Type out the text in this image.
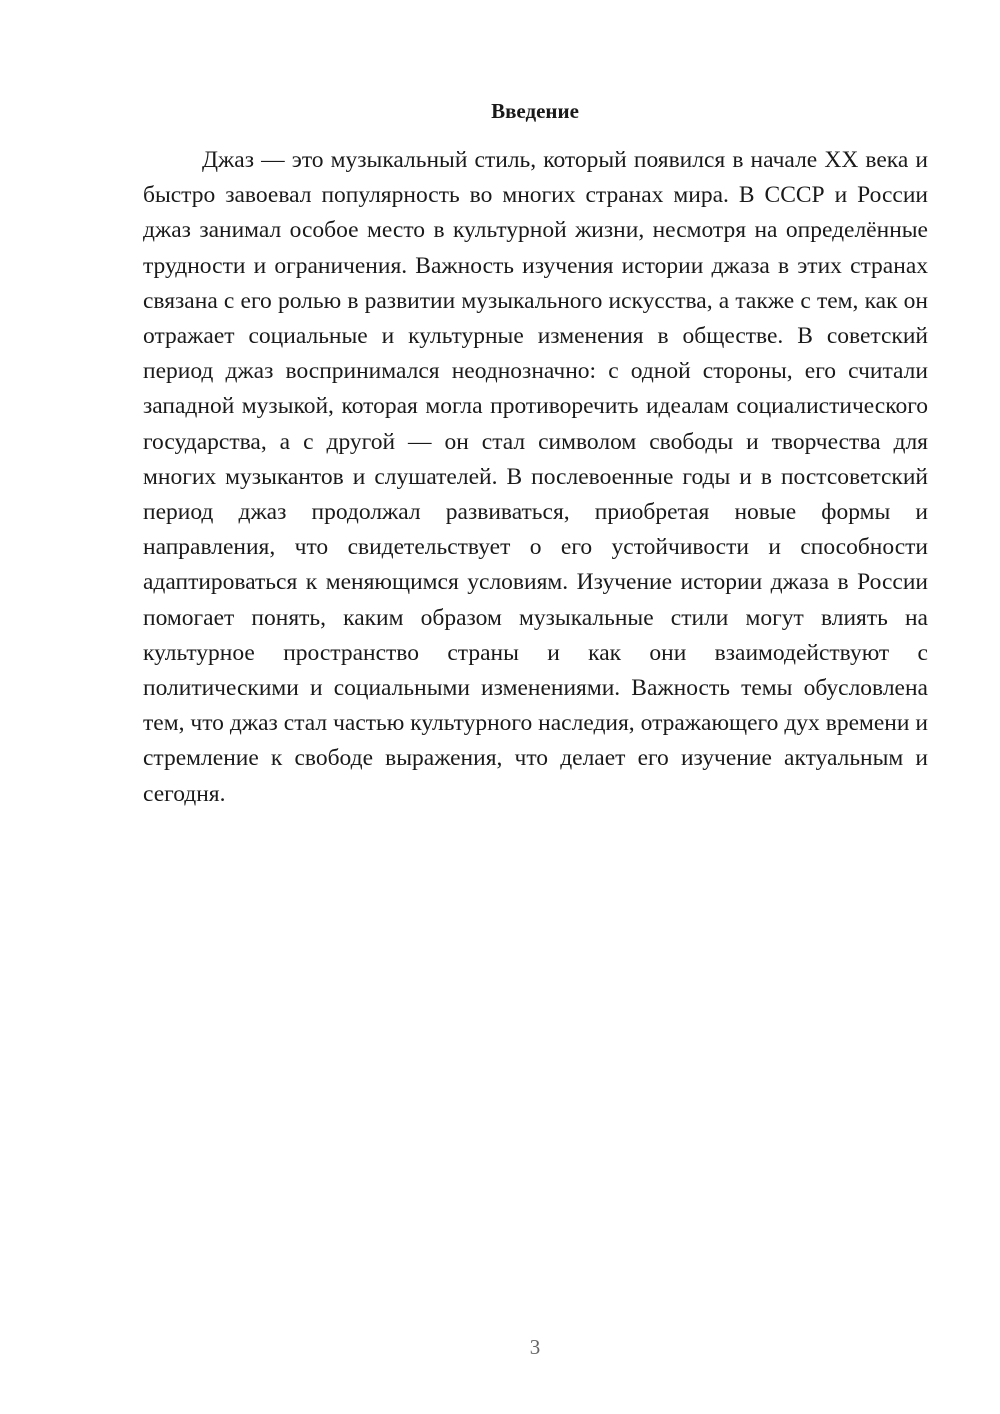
Введение

Джаз — это музыкальный стиль, который появился в начале XX века и быстро завоевал популярность во многих странах мира. В СССР и России джаз занимал особое место в культурной жизни, несмотря на определённые трудности и ограничения. Важность изучения истории джаза в этих странах связана с его ролью в развитии музыкального искусства, а также с тем, как он отражает социальные и культурные изменения в обществе. В советский период джаз воспринимался неоднозначно: с одной стороны, его считали западной музыкой, которая могла противоречить идеалам социалистического государства, а с другой — он стал символом свободы и творчества для многих музыкантов и слушателей. В послевоенные годы и в постсоветский период джаз продолжал развиваться, приобретая новые формы и направления, что свидетельствует о его устойчивости и способности адаптироваться к меняющимся условиям. Изучение истории джаза в России помогает понять, каким образом музыкальные стили могут влиять на культурное пространство страны и как они взаимодействуют с политическими и социальными изменениями. Важность темы обусловлена тем, что джаз стал частью культурного наследия, отражающего дух времени и стремление к свободе выражения, что делает его изучение актуальным и сегодня.

3
